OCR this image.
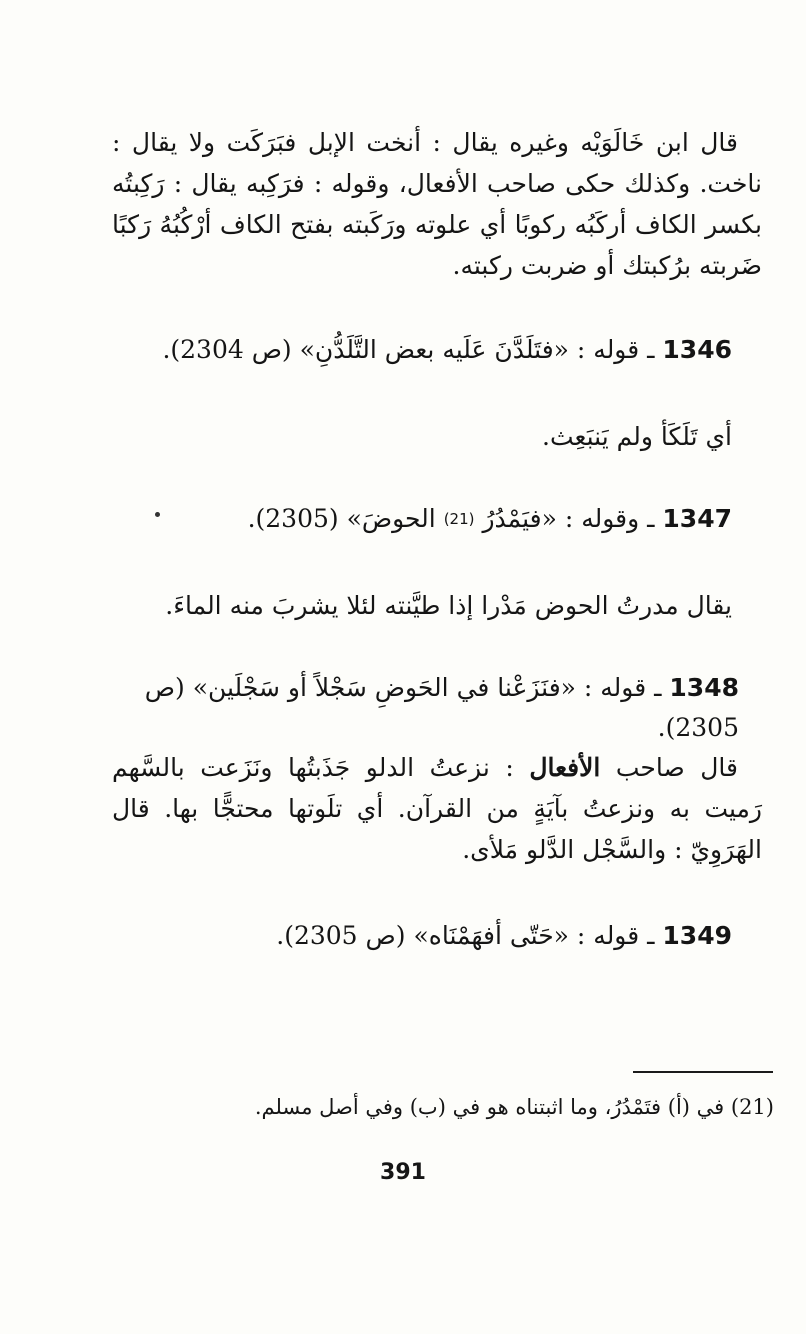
قال ابن خَالَوَيْه وغيره يقال : أنخت الإبل فبَرَكَت ولا يقال : ناخت. وكذلك حكى صاحب الأفعال، وقوله : فرَكِبه يقال : رَكِبتُه بكسر الكاف أركَبُه ركوبًا أي علوته ورَكَبته بفتح الكاف أرْكُبُهُ رَكبًا ضَربته برُكبتك أو ضربت ركبته.

1346 ـ قوله : «فتَلَدَّنَ عَلَيه بعض التَّلَدُّنِ» (ص 2304).

أي تَلَكَأ ولم يَنبَعِث.

1347 ـ وقوله : «فيَمْدُرُ (21) الحوضَ» (2305).

يقال مدرتُ الحوض مَدْرا إذا طيَّنته لئلا يشربَ منه الماءَ.

1348 ـ قوله : «فنَزَعْنا في الحَوضِ سَجْلاً أو سَجْلَين» (ص 2305).

قال صاحب الأفعال : نزعتُ الدلو جَذَبتُها ونَزَعت بالسَّهم رَميت به ونزعتُ بآيَةٍ من القرآن. أي تلَوتها محتجًّا بها. قال الهَرَوِيّ : والسَّجْل الدَّلو مَلأى.

1349 ـ قوله : «حَتّى أفهَمْنَاه» (ص 2305).

(21) في (أ) فتَمْدُرُ، وما اثبتناه هو في (ب) وفي أصل مسلم.

391
